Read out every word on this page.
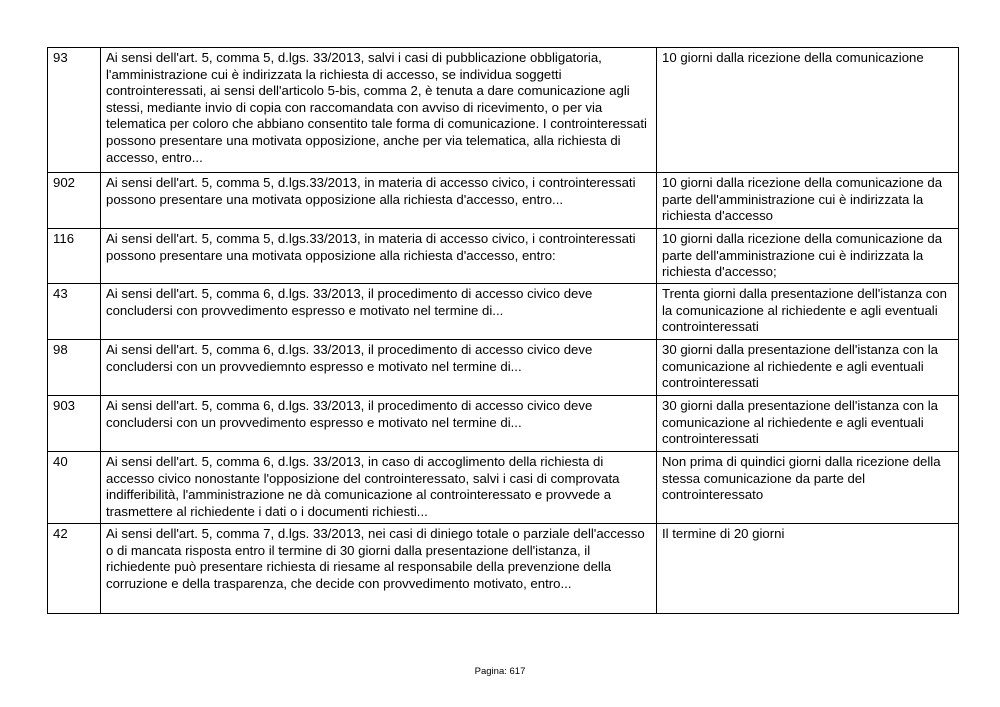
93	Ai sensi dell'art. 5, comma 5, d.lgs. 33/2013, salvi i casi di pubblicazione obbligatoria, l'amministrazione cui è indirizzata la richiesta di accesso, se individua soggetti controinteressati, ai sensi dell'articolo 5-bis, comma 2, è tenuta a dare comunicazione agli stessi, mediante invio di copia con raccomandata con avviso di ricevimento, o per via telematica per coloro che abbiano consentito tale forma di comunicazione. I controinteressati possono presentare una motivata opposizione, anche per via telematica, alla richiesta di accesso, entro...	10 giorni dalla ricezione della comunicazione
902	Ai sensi dell'art. 5, comma 5, d.lgs.33/2013, in materia di accesso civico, i controinteressati possono presentare una motivata opposizione alla richiesta d'accesso, entro...	10 giorni dalla ricezione della comunicazione da parte dell'amministrazione cui è indirizzata la richiesta d'accesso
116	Ai sensi dell'art. 5, comma 5, d.lgs.33/2013, in materia di accesso civico, i controinteressati possono presentare una motivata opposizione alla richiesta d'accesso, entro:	10 giorni dalla ricezione della comunicazione da parte dell'amministrazione cui è indirizzata la richiesta d'accesso;
43	Ai sensi dell'art. 5, comma 6, d.lgs. 33/2013, il procedimento di accesso civico deve concludersi con provvedimento espresso e motivato nel termine di...	Trenta giorni dalla presentazione dell'istanza con la comunicazione al richiedente e agli eventuali controinteressati
98	Ai sensi dell'art. 5, comma 6, d.lgs. 33/2013, il procedimento di accesso civico deve concludersi con un provvediemnto espresso e motivato nel termine di...	30 giorni dalla presentazione dell'istanza con la comunicazione al richiedente e agli eventuali controinteressati
903	Ai sensi dell'art. 5, comma 6, d.lgs. 33/2013, il procedimento di accesso civico deve concludersi con un provvedimento espresso e motivato nel termine di...	30 giorni dalla presentazione dell'istanza con la comunicazione al richiedente e agli eventuali controinteressati
40	Ai sensi dell'art. 5, comma 6, d.lgs. 33/2013, in caso di accoglimento della richiesta di accesso civico nonostante l'opposizione del controinteressato, salvi i casi di comprovata indifferibilità, l'amministrazione ne dà comunicazione al controinteressato e provvede a trasmettere al richiedente i dati o i documenti richiesti...	Non prima di quindici giorni dalla ricezione della stessa comunicazione da parte del controinteressato
42	Ai sensi dell'art. 5, comma 7, d.lgs. 33/2013, nei casi di diniego totale o parziale dell'accesso o di mancata risposta entro il termine di 30 giorni dalla presentazione dell'istanza, il richiedente può presentare richiesta di riesame al responsabile della prevenzione della corruzione e della trasparenza, che decide con provvedimento motivato, entro...	Il termine di 20 giorni
Pagina: 617
